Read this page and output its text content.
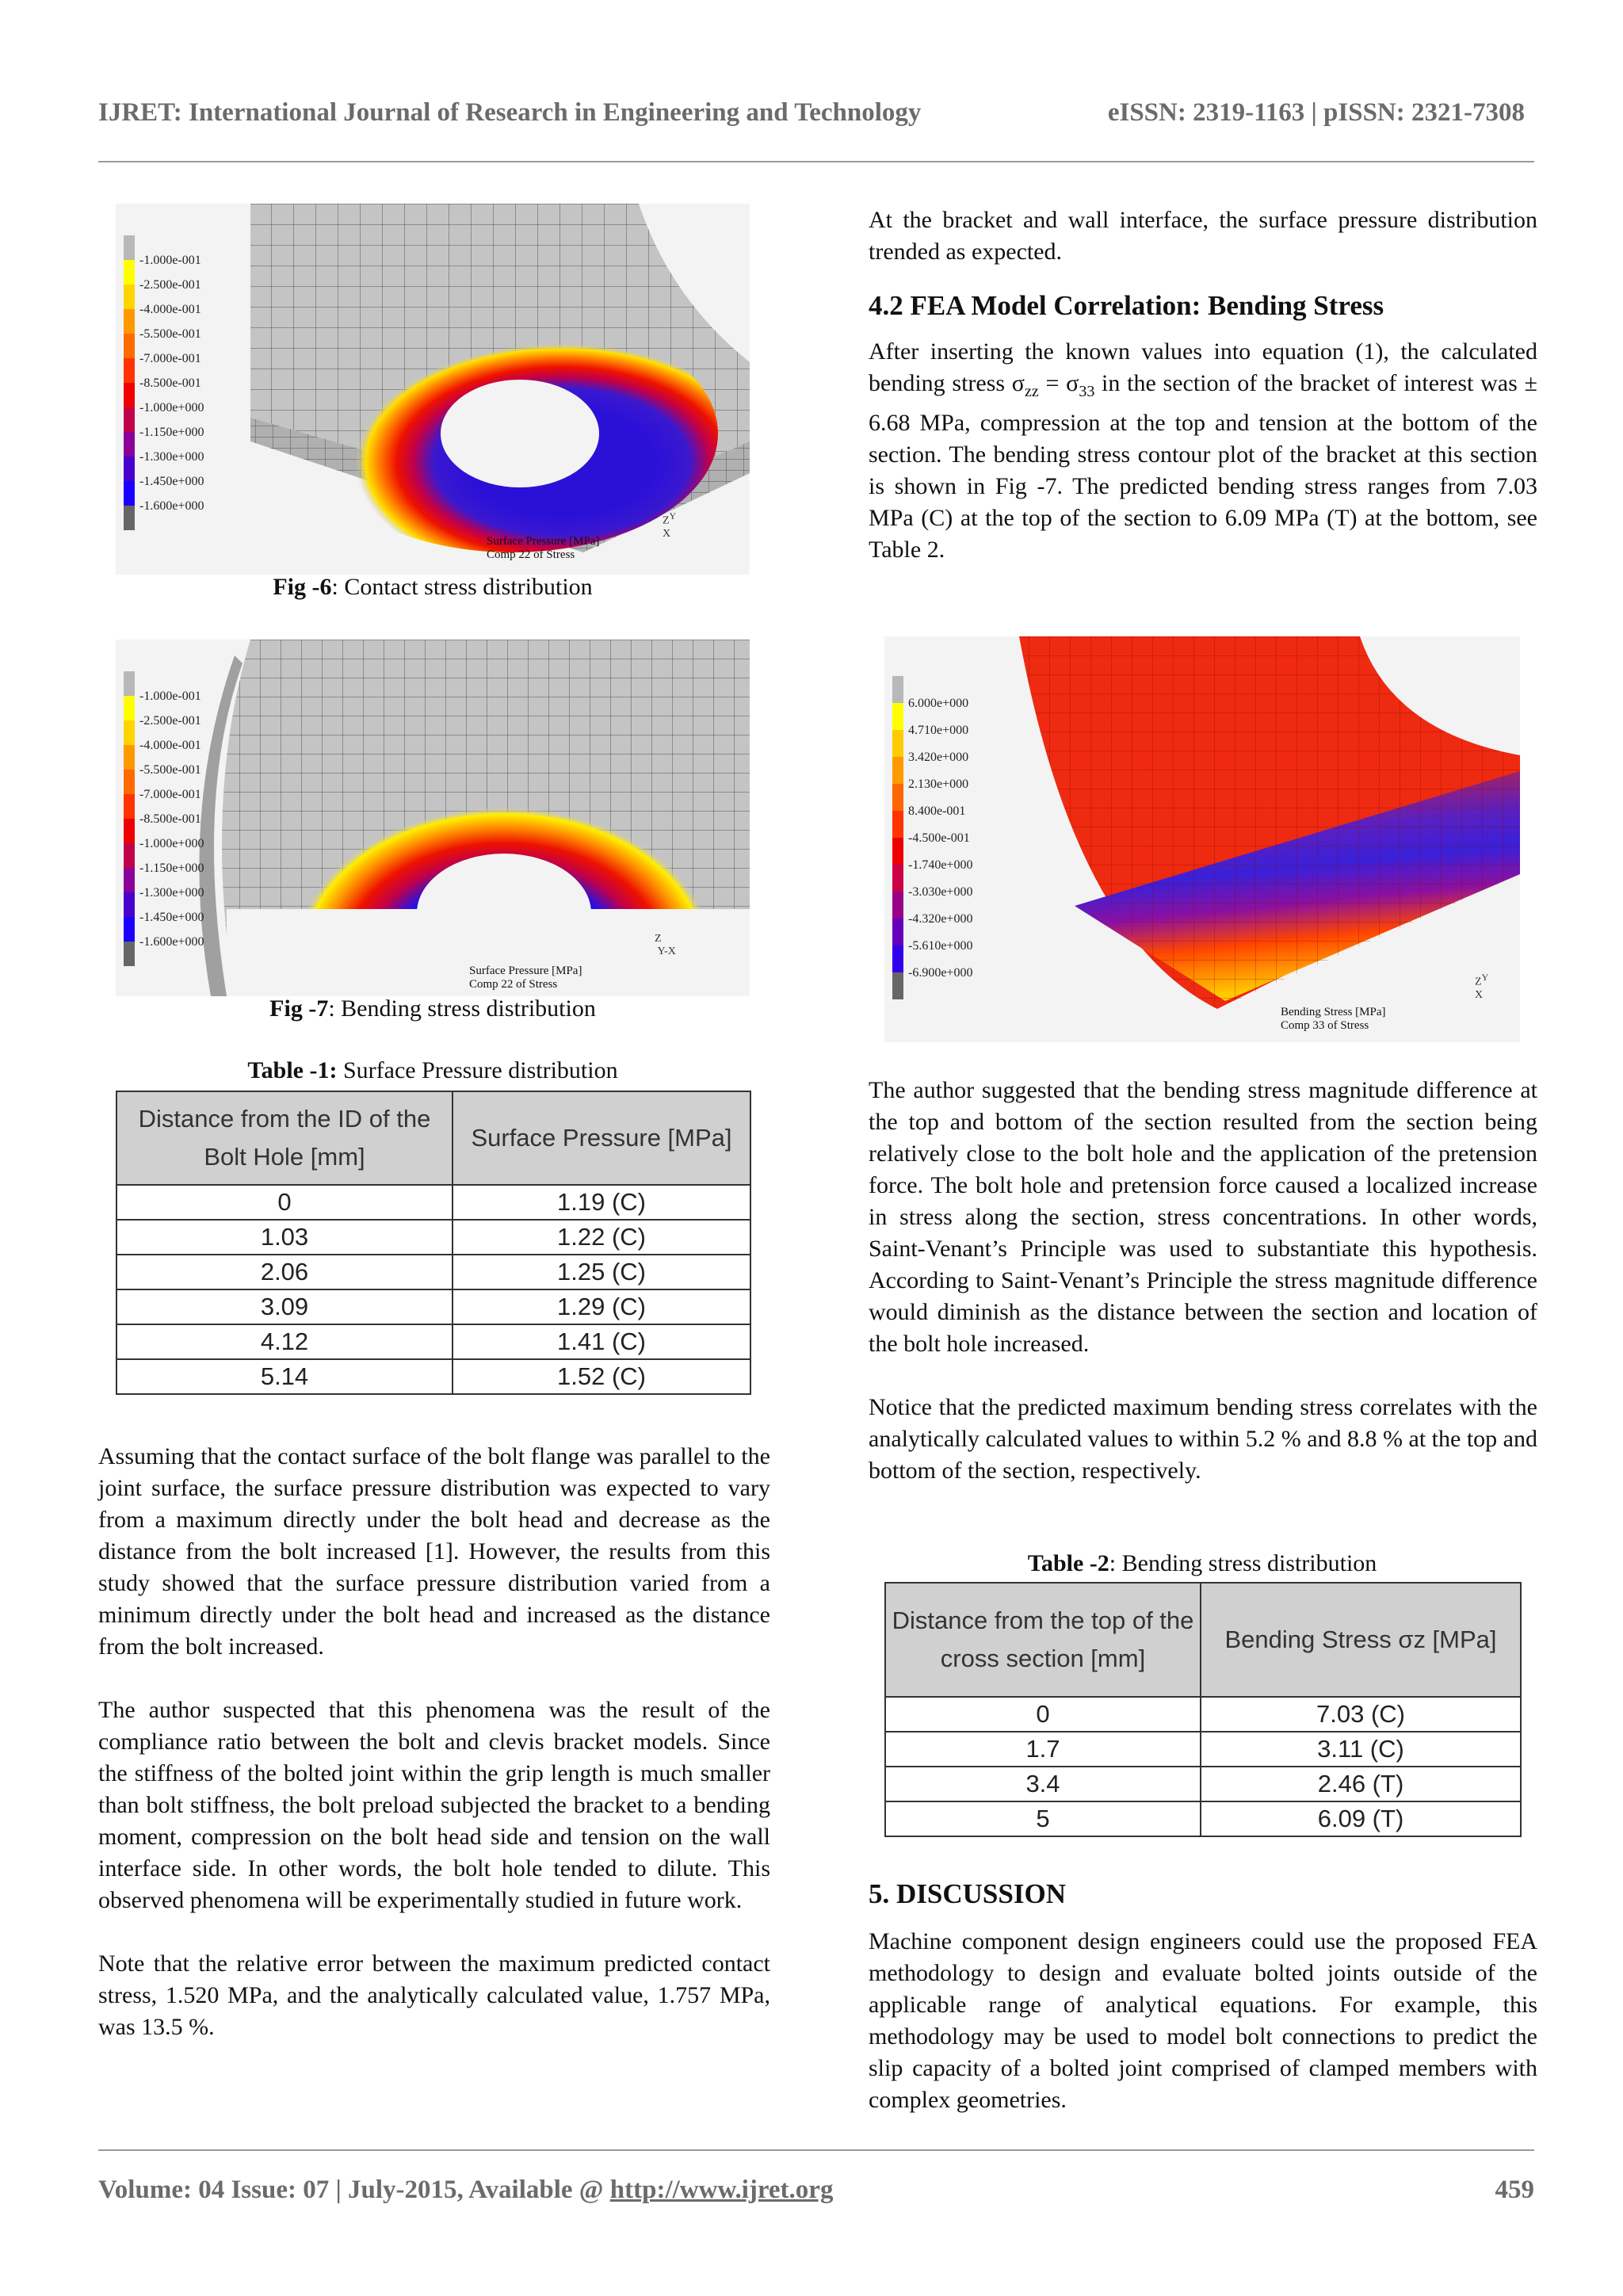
IJRET: International Journal of Research in Engineering and Technology	eISSN: 2319-1163 | pISSN: 2321-7308
-1.000e-001
-2.500e-001
-4.000e-001
-5.500e-001
-7.000e-001
-8.500e-001
-1.000e+000
-1.150e+000
-1.300e+000
-1.450e+000
-1.600e+000
Surface Pressure [MPa]
Comp 22 of Stress
$Z^Y$
X
Fig -6: Contact stress distribution
-1.000e-001
-2.500e-001
-4.000e-001
-5.500e-001
-7.000e-001
-8.500e-001
-1.000e+000
-1.150e+000
-1.300e+000
-1.450e+000
-1.600e+000
Surface Pressure [MPa]
Comp 22 of Stress
Z
Y-X
Fig -7: Bending stress distribution
Table -1: Surface Pressure distribution
Distance from the ID of the Bolt Hole [mm]	Surface Pressure [MPa]
0	1.19 (C)
1.03	1.22 (C)
2.06	1.25 (C)
3.09	1.29 (C)
4.12	1.41 (C)
5.14	1.52 (C)

Assuming that the contact surface of the bolt flange was parallel to the joint surface, the surface pressure distribution was expected to vary from a maximum directly under the bolt head and decrease as the distance from the bolt increased [1]. However, the results from this study showed that the surface pressure distribution varied from a minimum directly under the bolt head and increased as the distance from the bolt increased.

The author suspected that this phenomena was the result of the compliance ratio between the bolt and clevis bracket models. Since the stiffness of the bolted joint within the grip length is much smaller than bolt stiffness, the bolt preload subjected the bracket to a bending moment, compression on the bolt head side and tension on the wall interface side. In other words, the bolt hole tended to dilute. This observed phenomena will be experimentally studied in future work.

Note that the relative error between the maximum predicted contact stress, 1.520 MPa, and the analytically calculated value, 1.757 MPa, was 13.5 %.

At the bracket and wall interface, the surface pressure distribution trended as expected.

4.2 FEA Model Correlation: Bending Stress

After inserting the known values into equation (1), the calculated bending stress $\sigma_{zz} = \sigma_{33}$ in the section of the bracket of interest was ± 6.68 MPa, compression at the top and tension at the bottom of the section. The bending stress contour plot of the bracket at this section is shown in Fig -7. The predicted bending stress ranges from 7.03 MPa (C) at the top of the section to 6.09 MPa (T) at the bottom, see Table 2.

6.000e+000
4.710e+000
3.420e+000
2.130e+000
8.400e-001
-4.500e-001
-1.740e+000
-3.030e+000
-4.320e+000
-5.610e+000
-6.900e+000
Bending Stress [MPa]
Comp 33 of Stress
$Z^Y$
X

The author suggested that the bending stress magnitude difference at the top and bottom of the section resulted from the section being relatively close to the bolt hole and the application of the pretension force. The bolt hole and pretension force caused a localized increase in stress along the section, stress concentrations. In other words, Saint-Venant’s Principle was used to substantiate this hypothesis. According to Saint-Venant’s Principle the stress magnitude difference would diminish as the distance between the section and location of the bolt hole increased.

Notice that the predicted maximum bending stress correlates with the analytically calculated values to within 5.2 % and 8.8 % at the top and bottom of the section, respectively.

Table -2: Bending stress distribution
Distance from the top of the cross section [mm]	Bending Stress σz [MPa]
0	7.03 (C)
1.7	3.11 (C)
3.4	2.46 (T)
5	6.09 (T)

5. DISCUSSION

Machine component design engineers could use the proposed FEA methodology to design and evaluate bolted joints outside of the applicable range of analytical equations. For example, this methodology may be used to model bolt connections to predict the slip capacity of a bolted joint comprised of clamped members with complex geometries.

Volume: 04 Issue: 07 | July-2015, Available @ http://www.ijret.org	459
